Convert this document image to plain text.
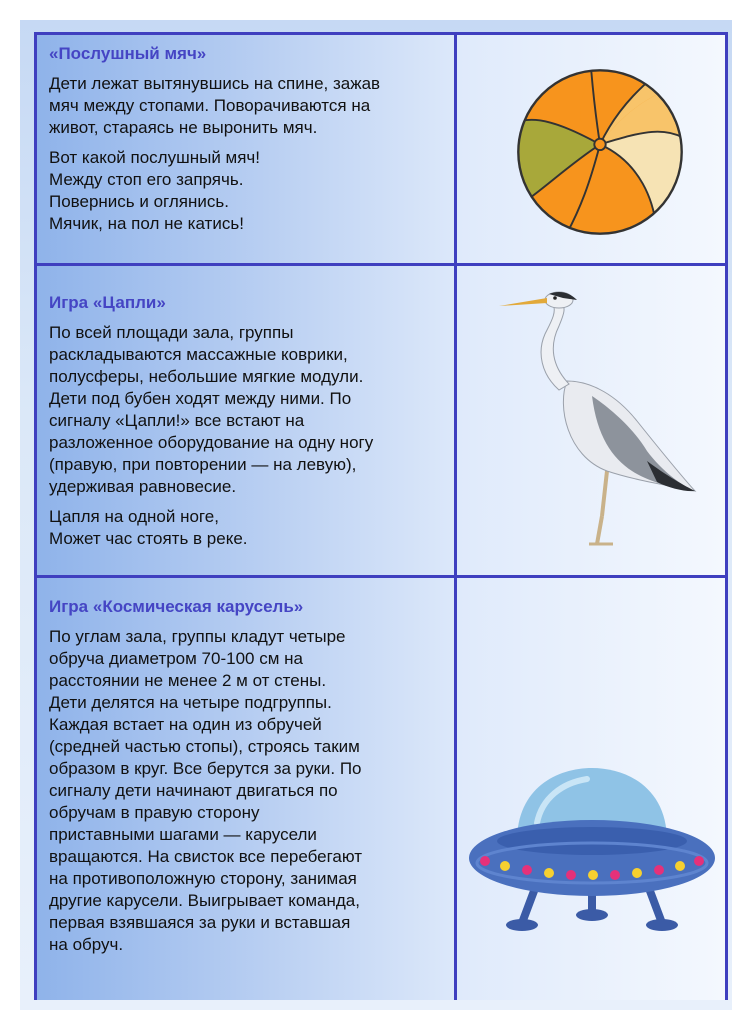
«Послушный мяч»
Дети лежат вытянувшись на спине, зажав
мяч между стопами. Поворачиваются на
живот, стараясь не выронить мяч.
Вот какой послушный мяч!
Между стоп его запрячь.
Повернись и оглянись.
Мячик, на пол не катись!
Игра «Цапли»
По всей площади зала, группы
раскладываются массажные коврики,
полусферы, небольшие мягкие модули.
Дети под бубен ходят между ними. По
сигналу «Цапли!» все встают на
разложенное оборудование на одну ногу
(правую, при повторении — на левую),
удерживая равновесие.
Цапля на одной ноге,
Может час стоять в реке.
Игра «Космическая карусель»
По углам зала, группы кладут четыре
обруча диаметром 70-100 см на
расстоянии не менее 2 м от стены.
Дети делятся на четыре подгруппы.
Каждая встает на один из обручей
(средней частью стопы), строясь таким
образом в круг. Все берутся за руки. По
сигналу дети начинают двигаться по
обручам в правую сторону
приставными шагами — карусели
вращаются. На свисток все перебегают
на противоположную сторону, занимая
другие карусели. Выигрывает команда,
первая взявшаяся за руки и вставшая
на обруч.
